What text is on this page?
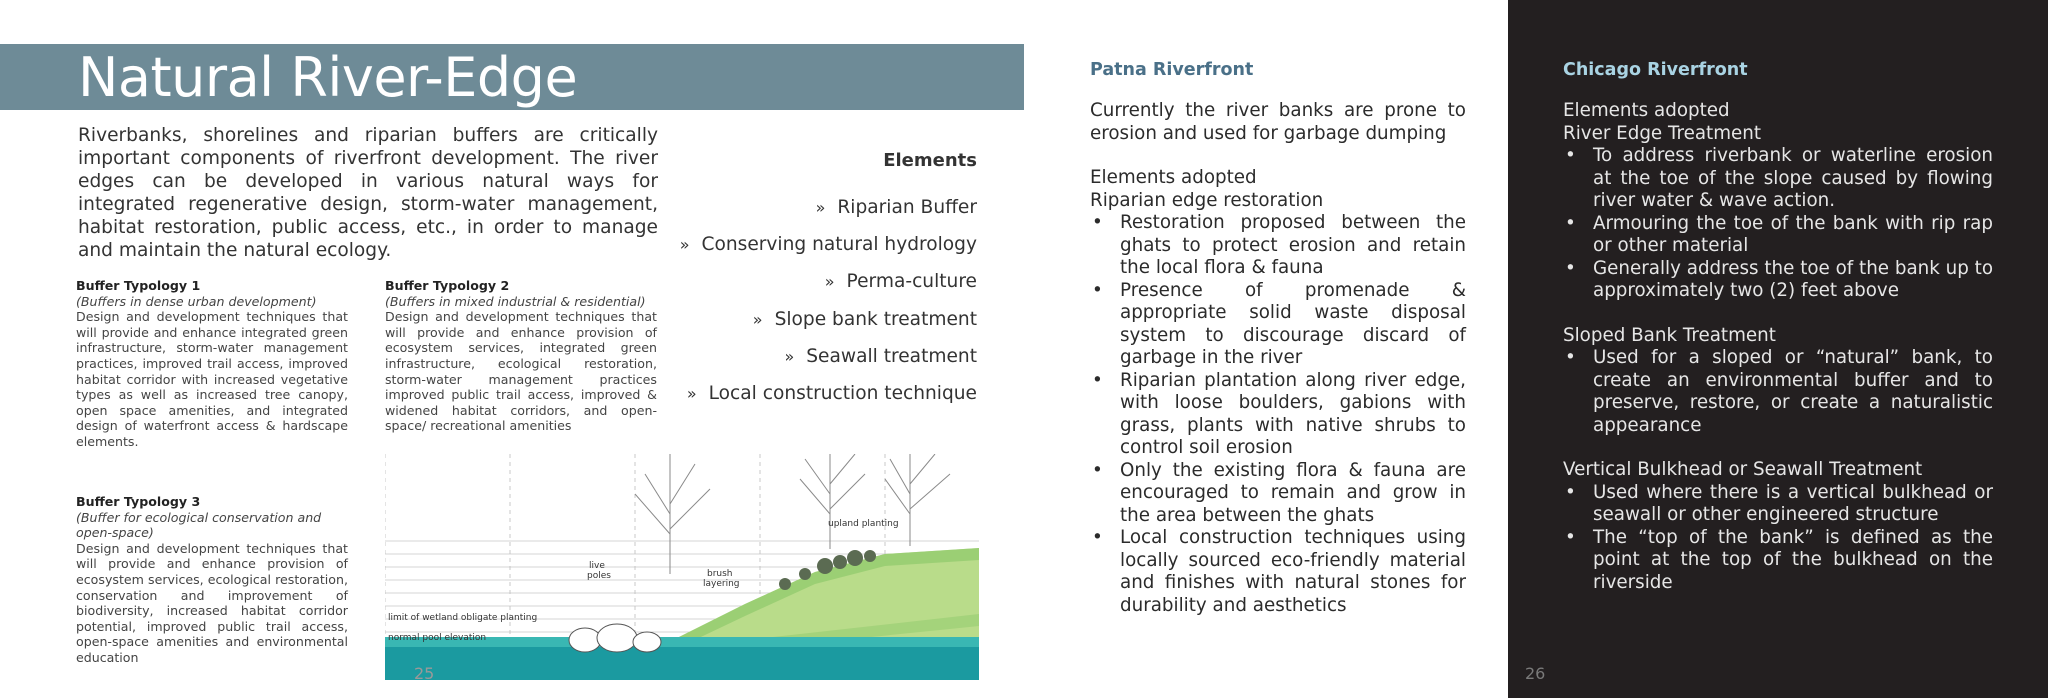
Natural River-Edge

Riverbanks, shorelines and riparian buffers are critically important components of riverfront development. The river edges can be developed in various natural ways for integrated regenerative design, storm-water management, habitat restoration, public access, etc., in order to manage and maintain the natural ecology.

Buffer Typology 1
(Buffers in dense urban development)
Design and development techniques that will provide and enhance integrated green infrastructure, storm-water management practices, improved trail access, improved habitat corridor with increased vegetative types as well as increased tree canopy, open space amenities, and integrated design of waterfront access & hardscape elements.
Buffer Typology 2
(Buffers in mixed industrial & residential)
Design and development techniques that will provide and enhance provision of ecosystem services, integrated green infrastructure, ecological restoration, storm-water management practices improved public trail access, improved & widened habitat corridors, and open-space/ recreational amenities
Buffer Typology 3
(Buffer for ecological conservation and open-space)
Design and development techniques that will provide and enhance provision of ecosystem services, ecological restoration, conservation and improvement of biodiversity, increased habitat corridor potential, improved public trail access, open-space amenities and environmental education
Elements
» Riparian Buffer
» Conserving natural hydrology
» Perma-culture
» Slope bank treatment
» Seawall treatment
» Local construction technique
upland planting
live
poles	brush
layering
limit of wetland obligate planting
normal pool elevation
25
Patna Riverfront

Currently the river banks are prone to erosion and used for garbage dumping

Elements adopted

Riparian edge restoration

• Restoration proposed between the ghats to protect erosion and retain the local flora & fauna
• Presence of promenade & appropriate solid waste disposal system to discourage discard of garbage in the river
• Riparian plantation along river edge, with loose boulders, gabions with grass, plants with native shrubs to control soil erosion
• Only the existing flora & fauna are encouraged to remain and grow in the area between the ghats
• Local construction techniques using locally sourced eco-friendly material and finishes with natural stones for durability and aesthetics
Chicago Riverfront

Elements adopted

River Edge Treatment

• To address riverbank or waterline erosion at the toe of the slope caused by flowing river water & wave action.
• Armouring the toe of the bank with rip rap or other material
• Generally address the toe of the bank up to approximately two (2) feet above

Sloped Bank Treatment

• Used for a sloped or “natural” bank, to create an environmental buffer and to preserve, restore, or create a naturalistic appearance

Vertical Bulkhead or Seawall Treatment

• Used where there is a vertical bulkhead or seawall or other engineered structure
• The “top of the bank” is defined as the point at the top of the bulkhead on the riverside
26
